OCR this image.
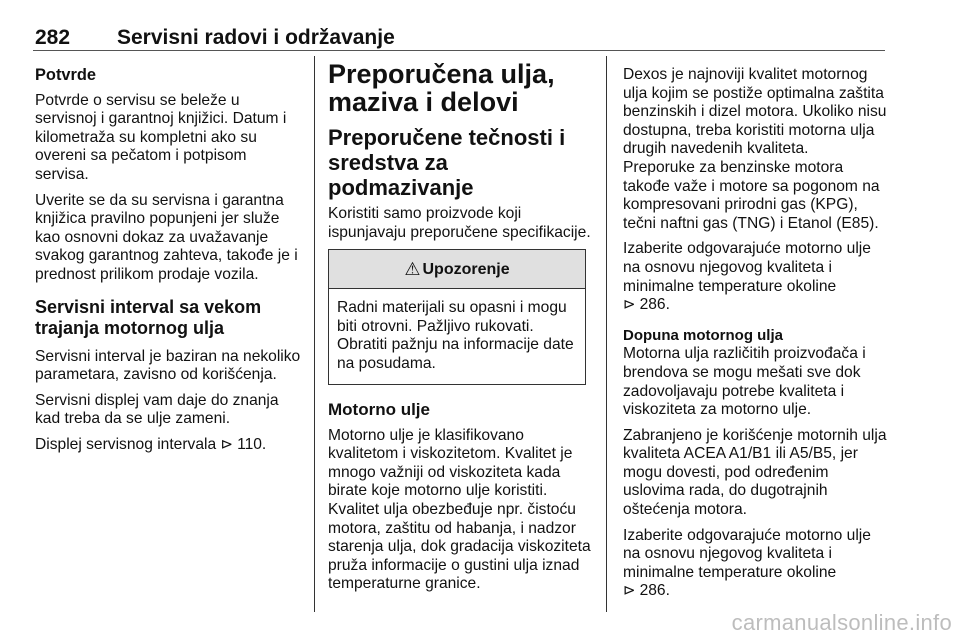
282 Servisni radovi i održavanje
Potvrde

Potvrde o servisu se beleže u servisnoj i garantnoj knjižici. Datum i kilometraža su kompletni ako su overeni sa pečatom i potpisom servisa.

Uverite se da su servisna i garantna knjižica pravilno popunjeni jer služe kao osnovni dokaz za uvažavanje svakog garantnog zahteva, takođe je i prednost prilikom prodaje vozila.

Servisni interval sa vekom trajanja motornog ulja

Servisni interval je baziran na nekoliko parametara, zavisno od korišćenja.

Servisni displej vam daje do znanja kad treba da se ulje zameni.

Displej servisnog intervala ⊳ 110.

Preporučena ulja, maziva i delovi
Preporučene tečnosti i sredstva za podmazivanje

Koristiti samo proizvode koji ispunjavaju preporučene specifikacije.

⚠ Upozorenje
Radni materijali su opasni i mogu biti otrovni. Pažljivo rukovati. Obratiti pažnju na informacije date na posudama.
Motorno ulje

Motorno ulje je klasifikovano kvalitetom i viskozitetom. Kvalitet je mnogo važniji od viskoziteta kada birate koje motorno ulje koristiti.

Kvalitet ulja obezbeđuje npr. čistoću motora, zaštitu od habanja, i nadzor starenja ulja, dok gradacija viskoziteta pruža informacije o gustini ulja iznad temperaturne granice.

Dexos je najnoviji kvalitet motornog ulja kojim se postiže optimalna zaštita benzinskih i dizel motora. Ukoliko nisu dostupna, treba koristiti motorna ulja drugih navedenih kvaliteta.

Preporuke za benzinske motora takođe važe i motore sa pogonom na kompresovani prirodni gas (KPG), tečni naftni gas (TNG) i Etanol (E85).

Izaberite odgovarajuće motorno ulje na osnovu njegovog kvaliteta i minimalne temperature okoline
⊳ 286.

Dopuna motornog ulja

Motorna ulja različitih proizvođača i brendova se mogu mešati sve dok zadovoljavaju potrebe kvaliteta i viskoziteta za motorno ulje.

Zabranjeno je korišćenje motornih ulja kvaliteta ACEA A1/B1 ili A5/B5, jer mogu dovesti, pod određenim uslovima rada, do dugotrajnih oštećenja motora.

Izaberite odgovarajuće motorno ulje na osnovu njegovog kvaliteta i minimalne temperature okoline
⊳ 286.

carmanualsonline.info
